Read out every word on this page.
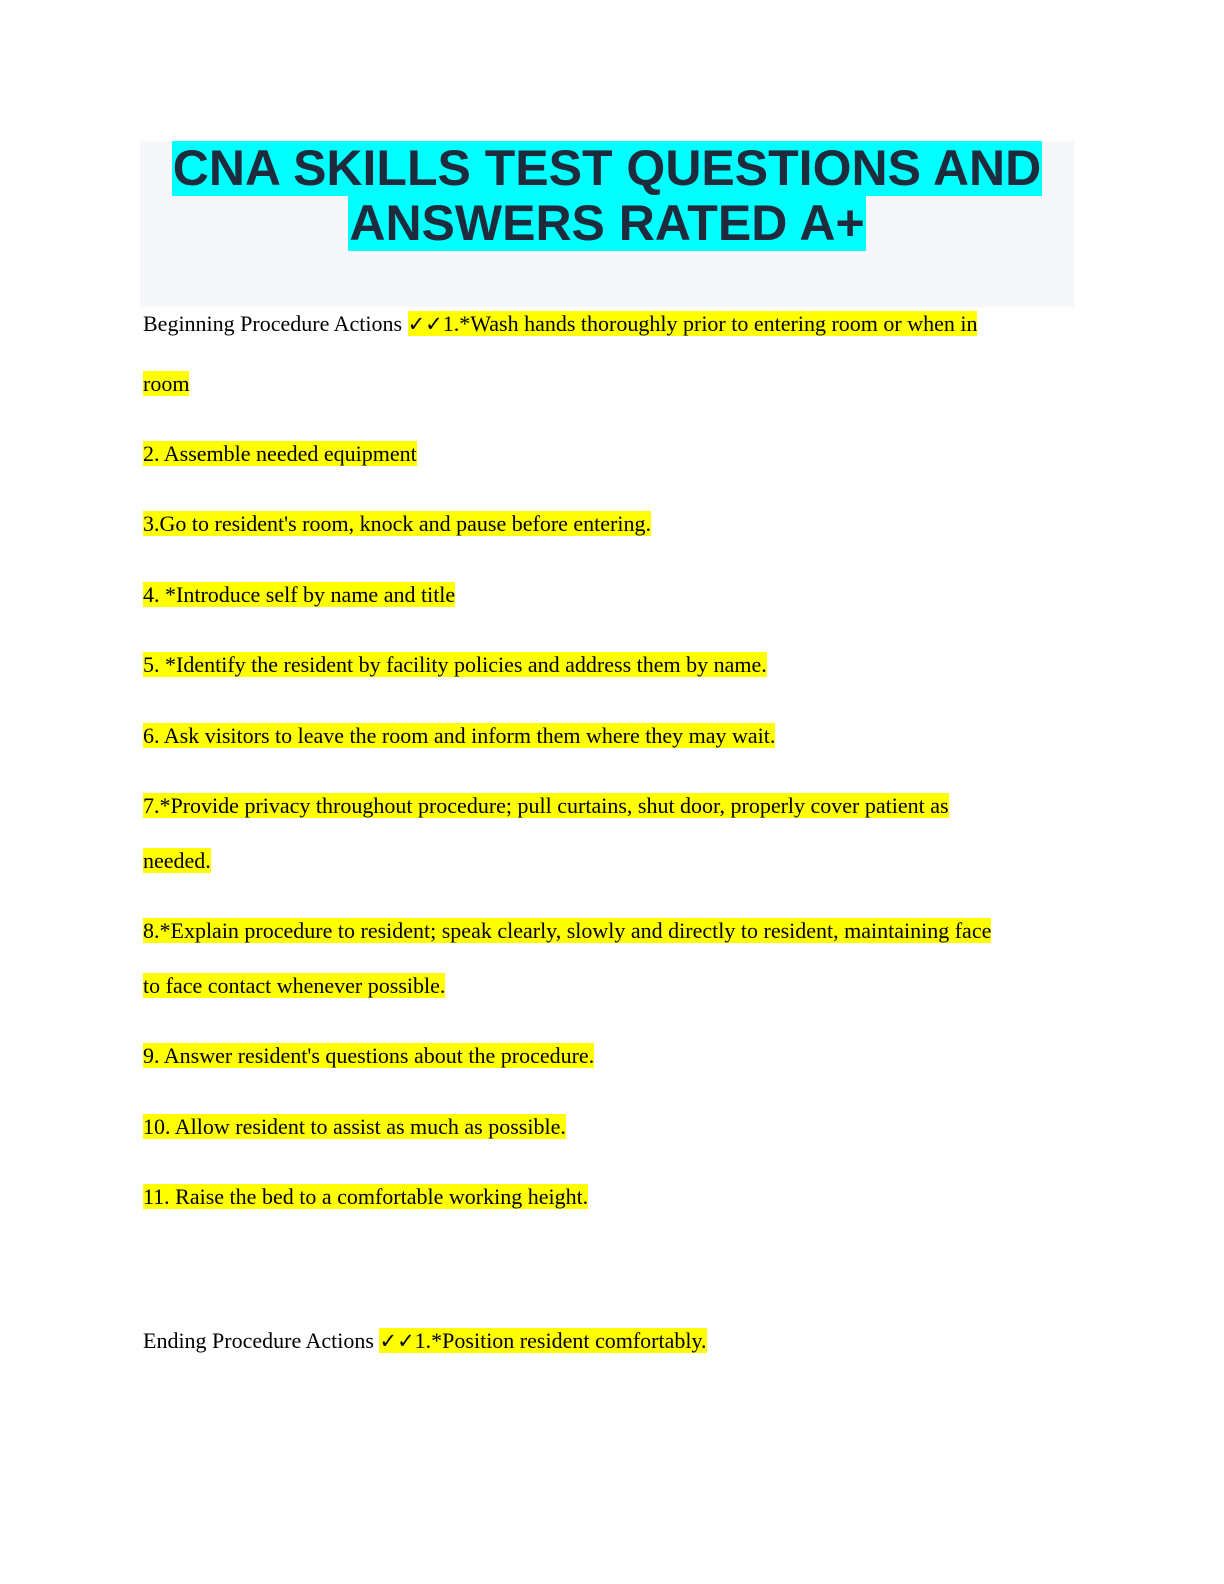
CNA SKILLS TEST QUESTIONS AND
ANSWERS RATED A+
Beginning Procedure Actions ✓✓1.*Wash hands thoroughly prior to entering room or when in
room
2. Assemble needed equipment
3.Go to resident's room, knock and pause before entering.
4. *Introduce self by name and title
5. *Identify the resident by facility policies and address them by name.
6. Ask visitors to leave the room and inform them where they may wait.
7.*Provide privacy throughout procedure; pull curtains, shut door, properly cover patient as
needed.
8.*Explain procedure to resident; speak clearly, slowly and directly to resident, maintaining face
to face contact whenever possible.
9. Answer resident's questions about the procedure.
10. Allow resident to assist as much as possible.
11. Raise the bed to a comfortable working height.
Ending Procedure Actions ✓✓1.*Position resident comfortably.
